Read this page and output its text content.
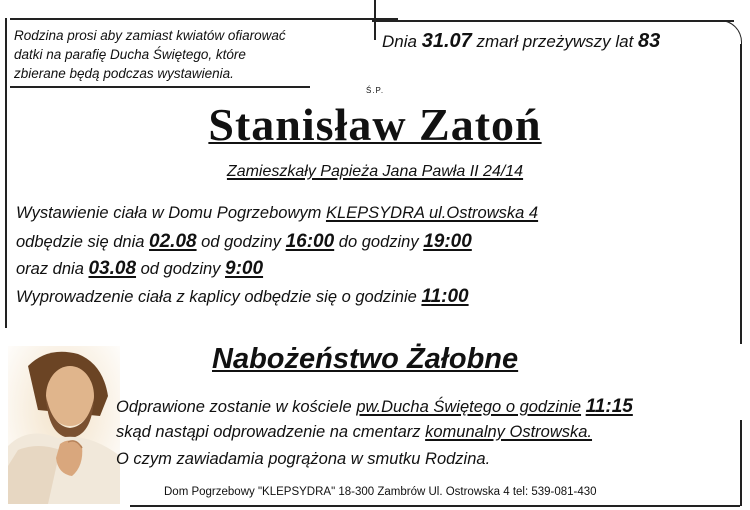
Rodzina prosi aby zamiast kwiatów ofiarować
datki na parafię Ducha Świętego, które
zbierane będą podczas wystawienia.
Dnia 31.07 zmarł przeżywszy lat 83
Ś.P.
Stanisław Zatoń
Zamieszkały Papieża Jana Pawła II 24/14
Wystawienie ciała w Domu Pogrzebowym KLEPSYDRA ul.Ostrowska 4
odbędzie się dnia 02.08 od godziny 16:00 do godziny 19:00
oraz dnia 03.08 od godziny 9:00
Wyprowadzenie ciała z kaplicy odbędzie się o godzinie 11:00
Nabożeństwo Żałobne
Odprawione zostanie w kościele pw.Ducha Świętego o godzinie 11:15
skąd nastąpi odprowadzenie na cmentarz komunalny Ostrowska.
O czym zawiadamia pogrążona w smutku Rodzina.
Dom Pogrzebowy "KLEPSYDRA" 18-300 Zambrów Ul. Ostrowska 4 tel: 539-081-430
